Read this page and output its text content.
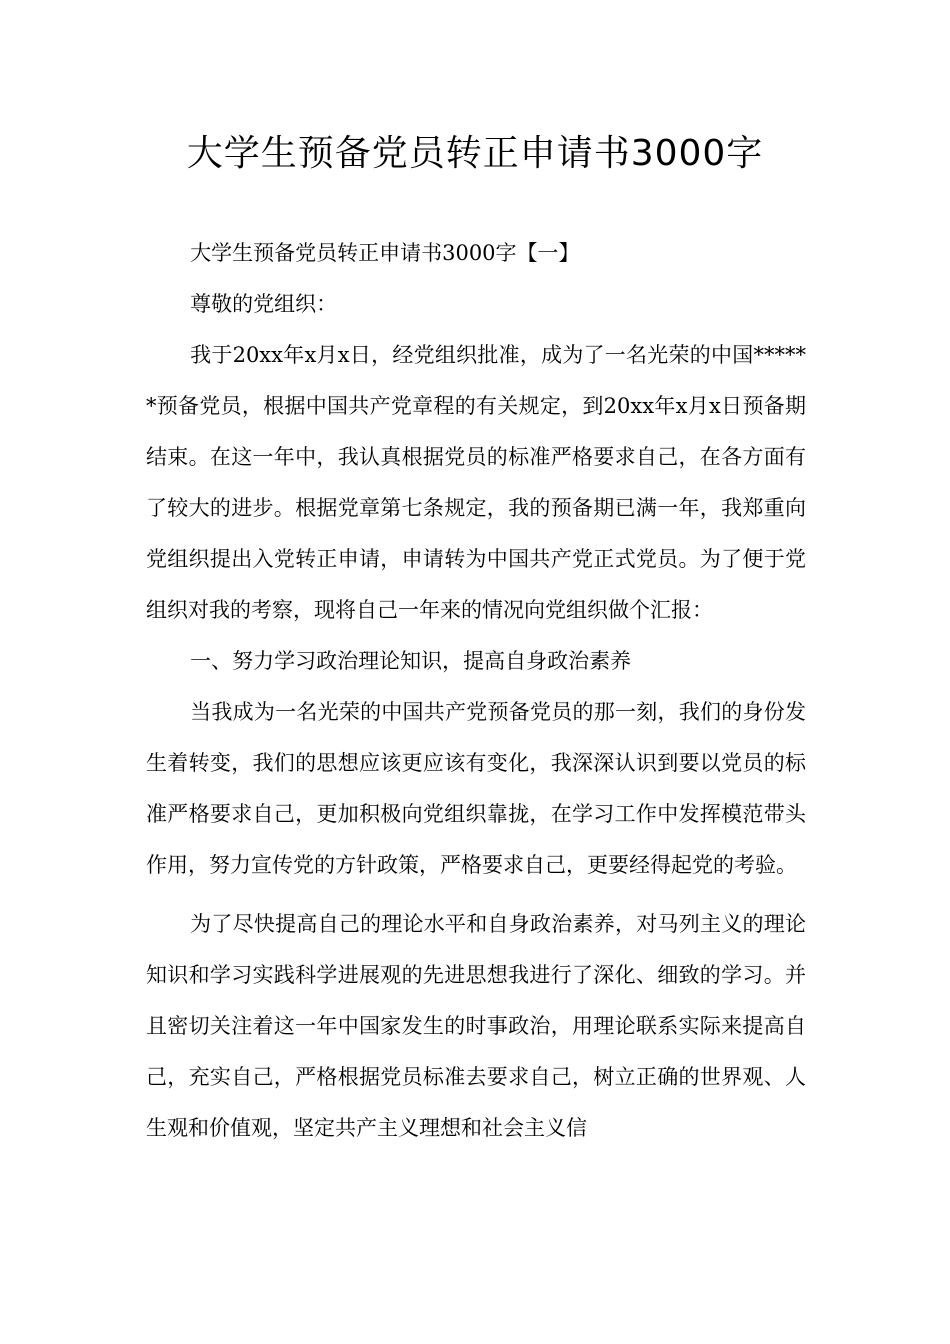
大学生预备党员转正申请书3000字

大学生预备党员转正申请书3000字【一】

尊敬的党组织：

我于20xx年x月x日，经党组织批准，成为了一名光荣的中国******预备党员，根据中国共产党章程的有关规定，到20xx年x月x日预备期结束。在这一年中，我认真根据党员的标准严格要求自己，在各方面有了较大的进步。根据党章第七条规定，我的预备期已满一年，我郑重向党组织提出入党转正申请，申请转为中国共产党正式党员。为了便于党组织对我的考察，现将自己一年来的情况向党组织做个汇报：

一、努力学习政治理论知识，提高自身政治素养

当我成为一名光荣的中国共产党预备党员的那一刻，我们的身份发生着转变，我们的思想应该更应该有变化，我深深认识到要以党员的标准严格要求自己，更加积极向党组织靠拢，在学习工作中发挥模范带头作用，努力宣传党的方针政策，严格要求自己，更要经得起党的考验。

为了尽快提高自己的理论水平和自身政治素养，对马列主义的理论知识和学习实践科学进展观的先进思想我进行了深化、细致的学习。并且密切关注着这一年中国家发生的时事政治，用理论联系实际来提高自己，充实自己，严格根据党员标准去要求自己，树立正确的世界观、人生观和价值观，坚定共产主义理想和社会主义信
